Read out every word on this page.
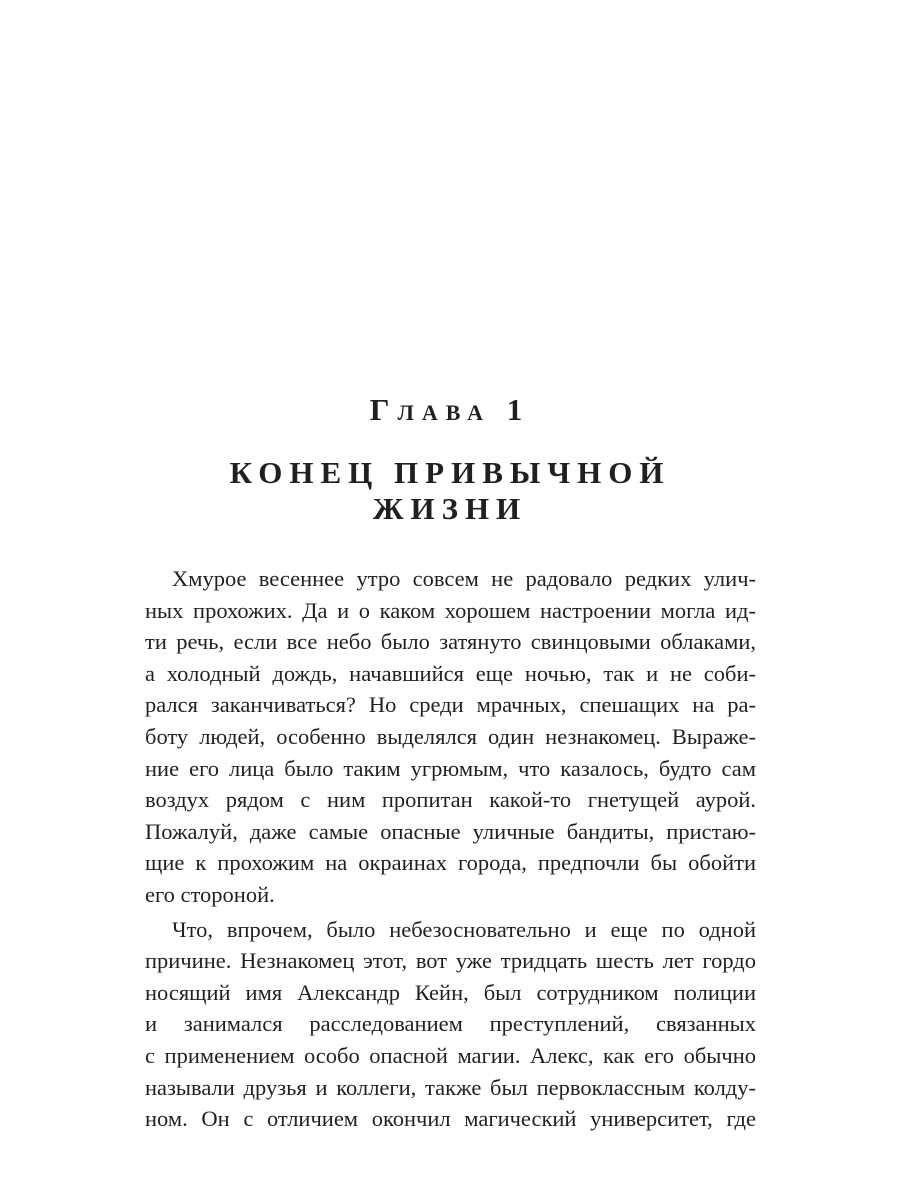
Глава 1
КОНЕЦ ПРИВЫЧНОЙ
ЖИЗНИ
Хмурое весеннее утро совсем не радовало редких улич-
ных прохожих. Да и о каком хорошем настроении могла ид-
ти речь, если все небо было затянуто свинцовыми облаками,
а холодный дождь, начавшийся еще ночью, так и не соби-
рался заканчиваться? Но среди мрачных, спешащих на ра-
боту людей, особенно выделялся один незнакомец. Выраже-
ние его лица было таким угрюмым, что казалось, будто сам
воздух рядом с ним пропитан какой-то гнетущей аурой.
Пожалуй, даже самые опасные уличные бандиты, пристаю-
щие к прохожим на окраинах города, предпочли бы обойти
его стороной.
Что, впрочем, было небезосновательно и еще по одной
причине. Незнакомец этот, вот уже тридцать шесть лет гордо
носящий имя Александр Кейн, был сотрудником полиции
и занимался расследованием преступлений, связанных
с применением особо опасной магии. Алекс, как его обычно
называли друзья и коллеги, также был первоклассным колду-
ном. Он с отличием окончил магический университет, где
